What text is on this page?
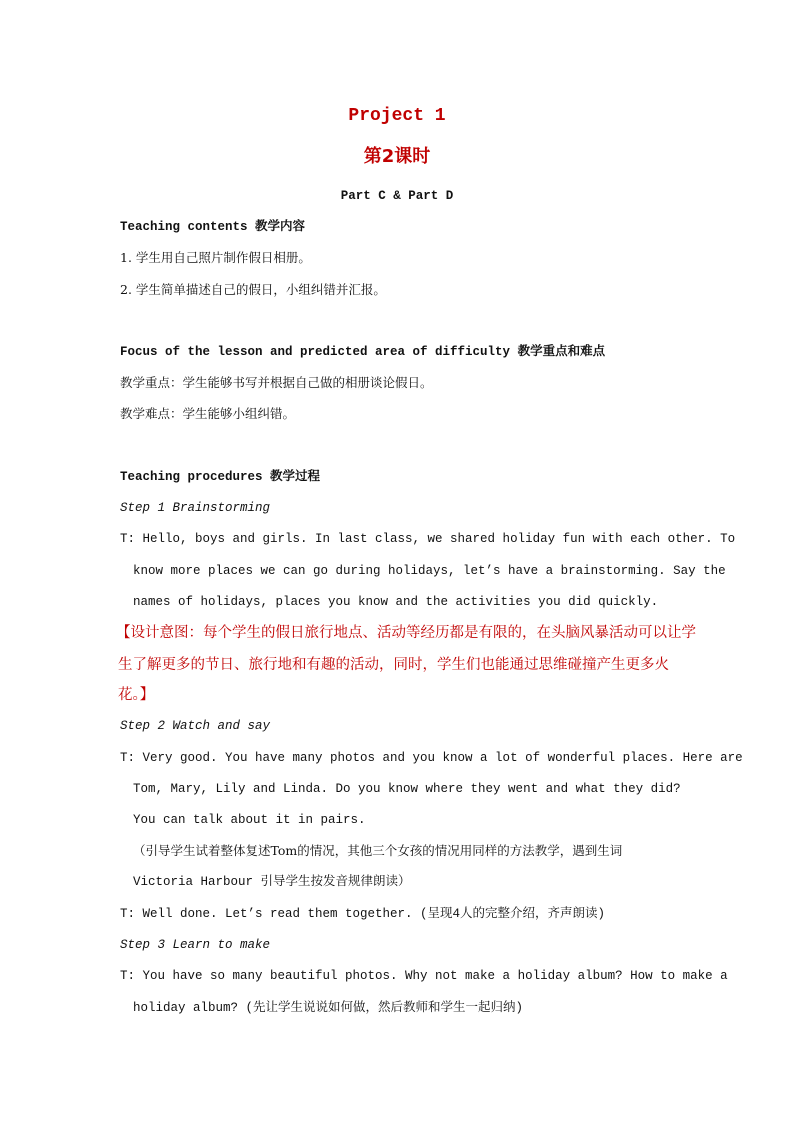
Project 1
第2课时
Part C & Part D
Teaching contents 教学内容
1. 学生用自己照片制作假日相册。
2. 学生简单描述自己的假日，小组纠错并汇报。
Focus of the lesson and predicted area of difficulty 教学重点和难点
教学重点：学生能够书写并根据自己做的相册谈论假日。
教学难点：学生能够小组纠错。
Teaching procedures 教学过程
Step 1 Brainstorming
T: Hello, boys and girls. In last class, we shared holiday fun with each other. To
know more places we can go during holidays, let’s have a brainstorming. Say the
names of holidays, places you know and the activities you did quickly.
【设计意图：每个学生的假日旅行地点、活动等经历都是有限的，在头脑风暴活动可以让学
生了解更多的节日、旅行地和有趣的活动，同时，学生们也能通过思维碰撞产生更多火
花。】
Step 2 Watch and say
T: Very good. You have many photos and you know a lot of wonderful places. Here are
Tom, Mary, Lily and Linda. Do you know where they went and what they did?
You can talk about it in pairs.
（引导学生试着整体复述Tom的情况，其他三个女孩的情况用同样的方法教学，遇到生词
Victoria Harbour 引导学生按发音规律朗读）
T: Well done. Let’s read them together. (呈现4人的完整介绍，齐声朗读)
Step 3 Learn to make
T: You have so many beautiful photos. Why not make a holiday album? How to make a
holiday album? (先让学生说说如何做，然后教师和学生一起归纳)
